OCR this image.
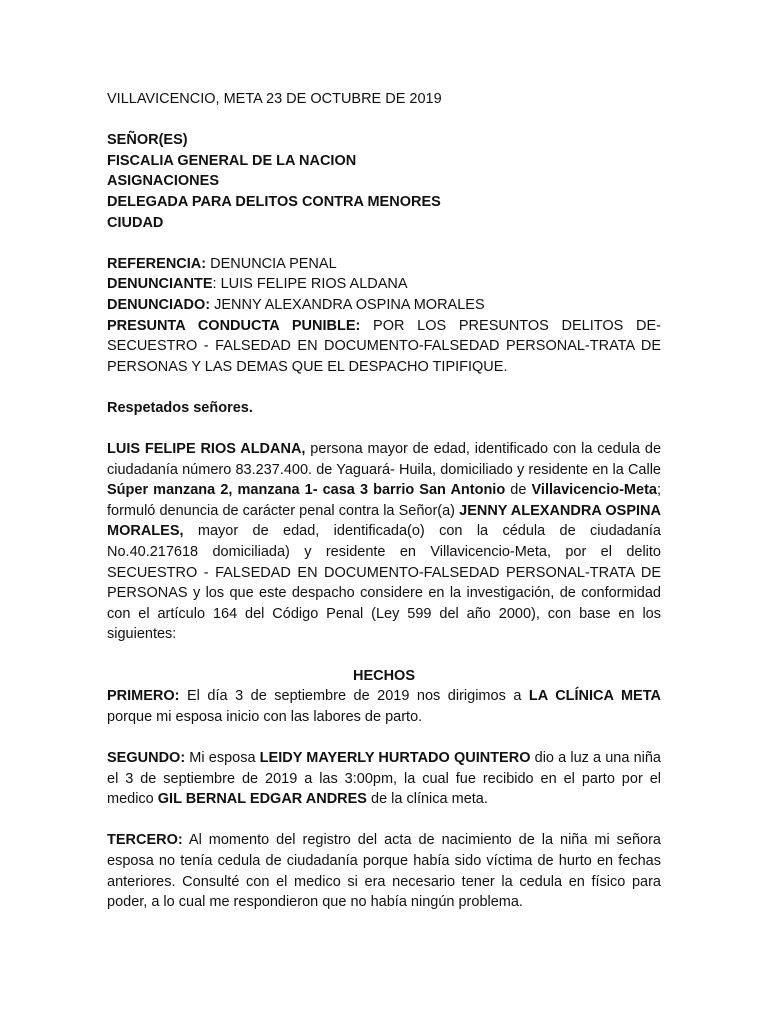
VILLAVICENCIO, META 23 DE OCTUBRE DE 2019

SEÑOR(ES)

FISCALIA GENERAL DE LA NACION

ASIGNACIONES

DELEGADA PARA DELITOS CONTRA MENORES

CIUDAD

REFERENCIA: DENUNCIA PENAL

DENUNCIANTE: LUIS FELIPE RIOS ALDANA

DENUNCIADO: JENNY ALEXANDRA OSPINA MORALES

PRESUNTA CONDUCTA PUNIBLE: POR LOS PRESUNTOS DELITOS DE-SECUESTRO - FALSEDAD EN DOCUMENTO-FALSEDAD PERSONAL-TRATA DE PERSONAS Y LAS DEMAS QUE EL DESPACHO TIPIFIQUE.

Respetados señores.

LUIS FELIPE RIOS ALDANA, persona mayor de edad, identificado con la cedula de ciudadanía número 83.237.400. de Yaguará- Huila, domiciliado y residente en la Calle Súper manzana 2, manzana 1- casa 3 barrio San Antonio de Villavicencio-Meta; formuló denuncia de carácter penal contra la Señor(a) JENNY ALEXANDRA OSPINA MORALES, mayor de edad, identificada(o) con la cédula de ciudadanía No.40.217618 domiciliada) y residente en Villavicencio-Meta, por el delito SECUESTRO - FALSEDAD EN DOCUMENTO-FALSEDAD PERSONAL-TRATA DE PERSONAS y los que este despacho considere en la investigación, de conformidad con el artículo 164 del Código Penal (Ley 599 del año 2000), con base en los siguientes:

HECHOS

PRIMERO: El día 3 de septiembre de 2019 nos dirigimos a LA CLÍNICA META porque mi esposa inicio con las labores de parto.

SEGUNDO: Mi esposa LEIDY MAYERLY HURTADO QUINTERO dio a luz a una niña el 3 de septiembre de 2019 a las 3:00pm, la cual fue recibido en el parto por el medico GIL BERNAL EDGAR ANDRES de la clínica meta.

TERCERO: Al momento del registro del acta de nacimiento de la niña mi señora esposa no tenía cedula de ciudadanía porque había sido víctima de hurto en fechas anteriores. Consulté con el medico si era necesario tener la cedula en físico para poder, a lo cual me respondieron que no había ningún problema.
